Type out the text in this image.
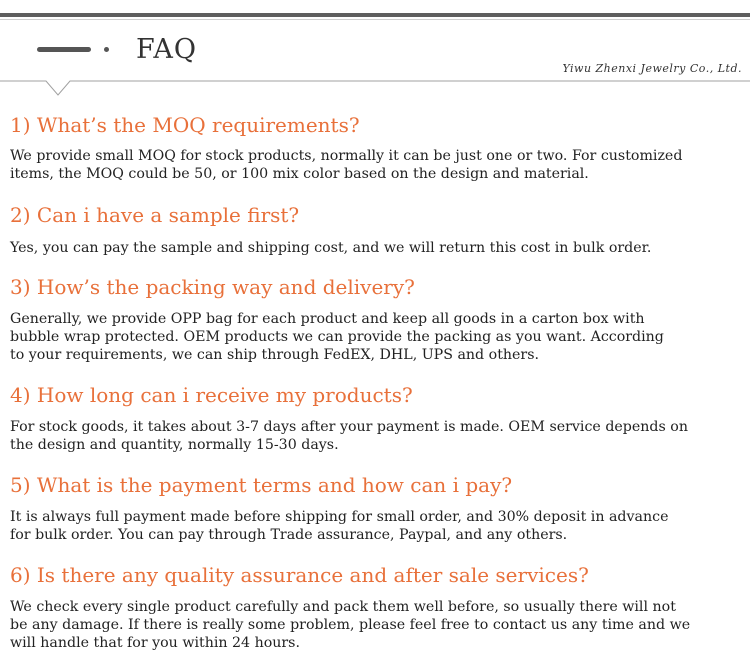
FAQ
Yiwu Zhenxi Jewelry Co., Ltd.
1) What’s the MOQ requirements?

We provide small MOQ for stock products, normally it can be just one or two. For customized
items, the MOQ could be 50, or 100 mix color based on the design and material.

2) Can i have a sample first?

Yes, you can pay the sample and shipping cost, and we will return this cost in bulk order.

3) How’s the packing way and delivery?

Generally, we provide OPP bag for each product and keep all goods in a carton box with
bubble wrap protected. OEM products we can provide the packing as you want. According
to your requirements, we can ship through FedEX, DHL, UPS and others.

4) How long can i receive my products?

For stock goods, it takes about 3-7 days after your payment is made. OEM service depends on
the design and quantity, normally 15-30 days.

5) What is the payment terms and how can i pay?

It is always full payment made before shipping for small order, and 30% deposit in advance
for bulk order. You can pay through Trade assurance, Paypal, and any others.

6) Is there any quality assurance and after sale services?

We check every single product carefully and pack them well before, so usually there will not
be any damage. If there is really some problem, please feel free to contact us any time and we
will handle that for you within 24 hours.
